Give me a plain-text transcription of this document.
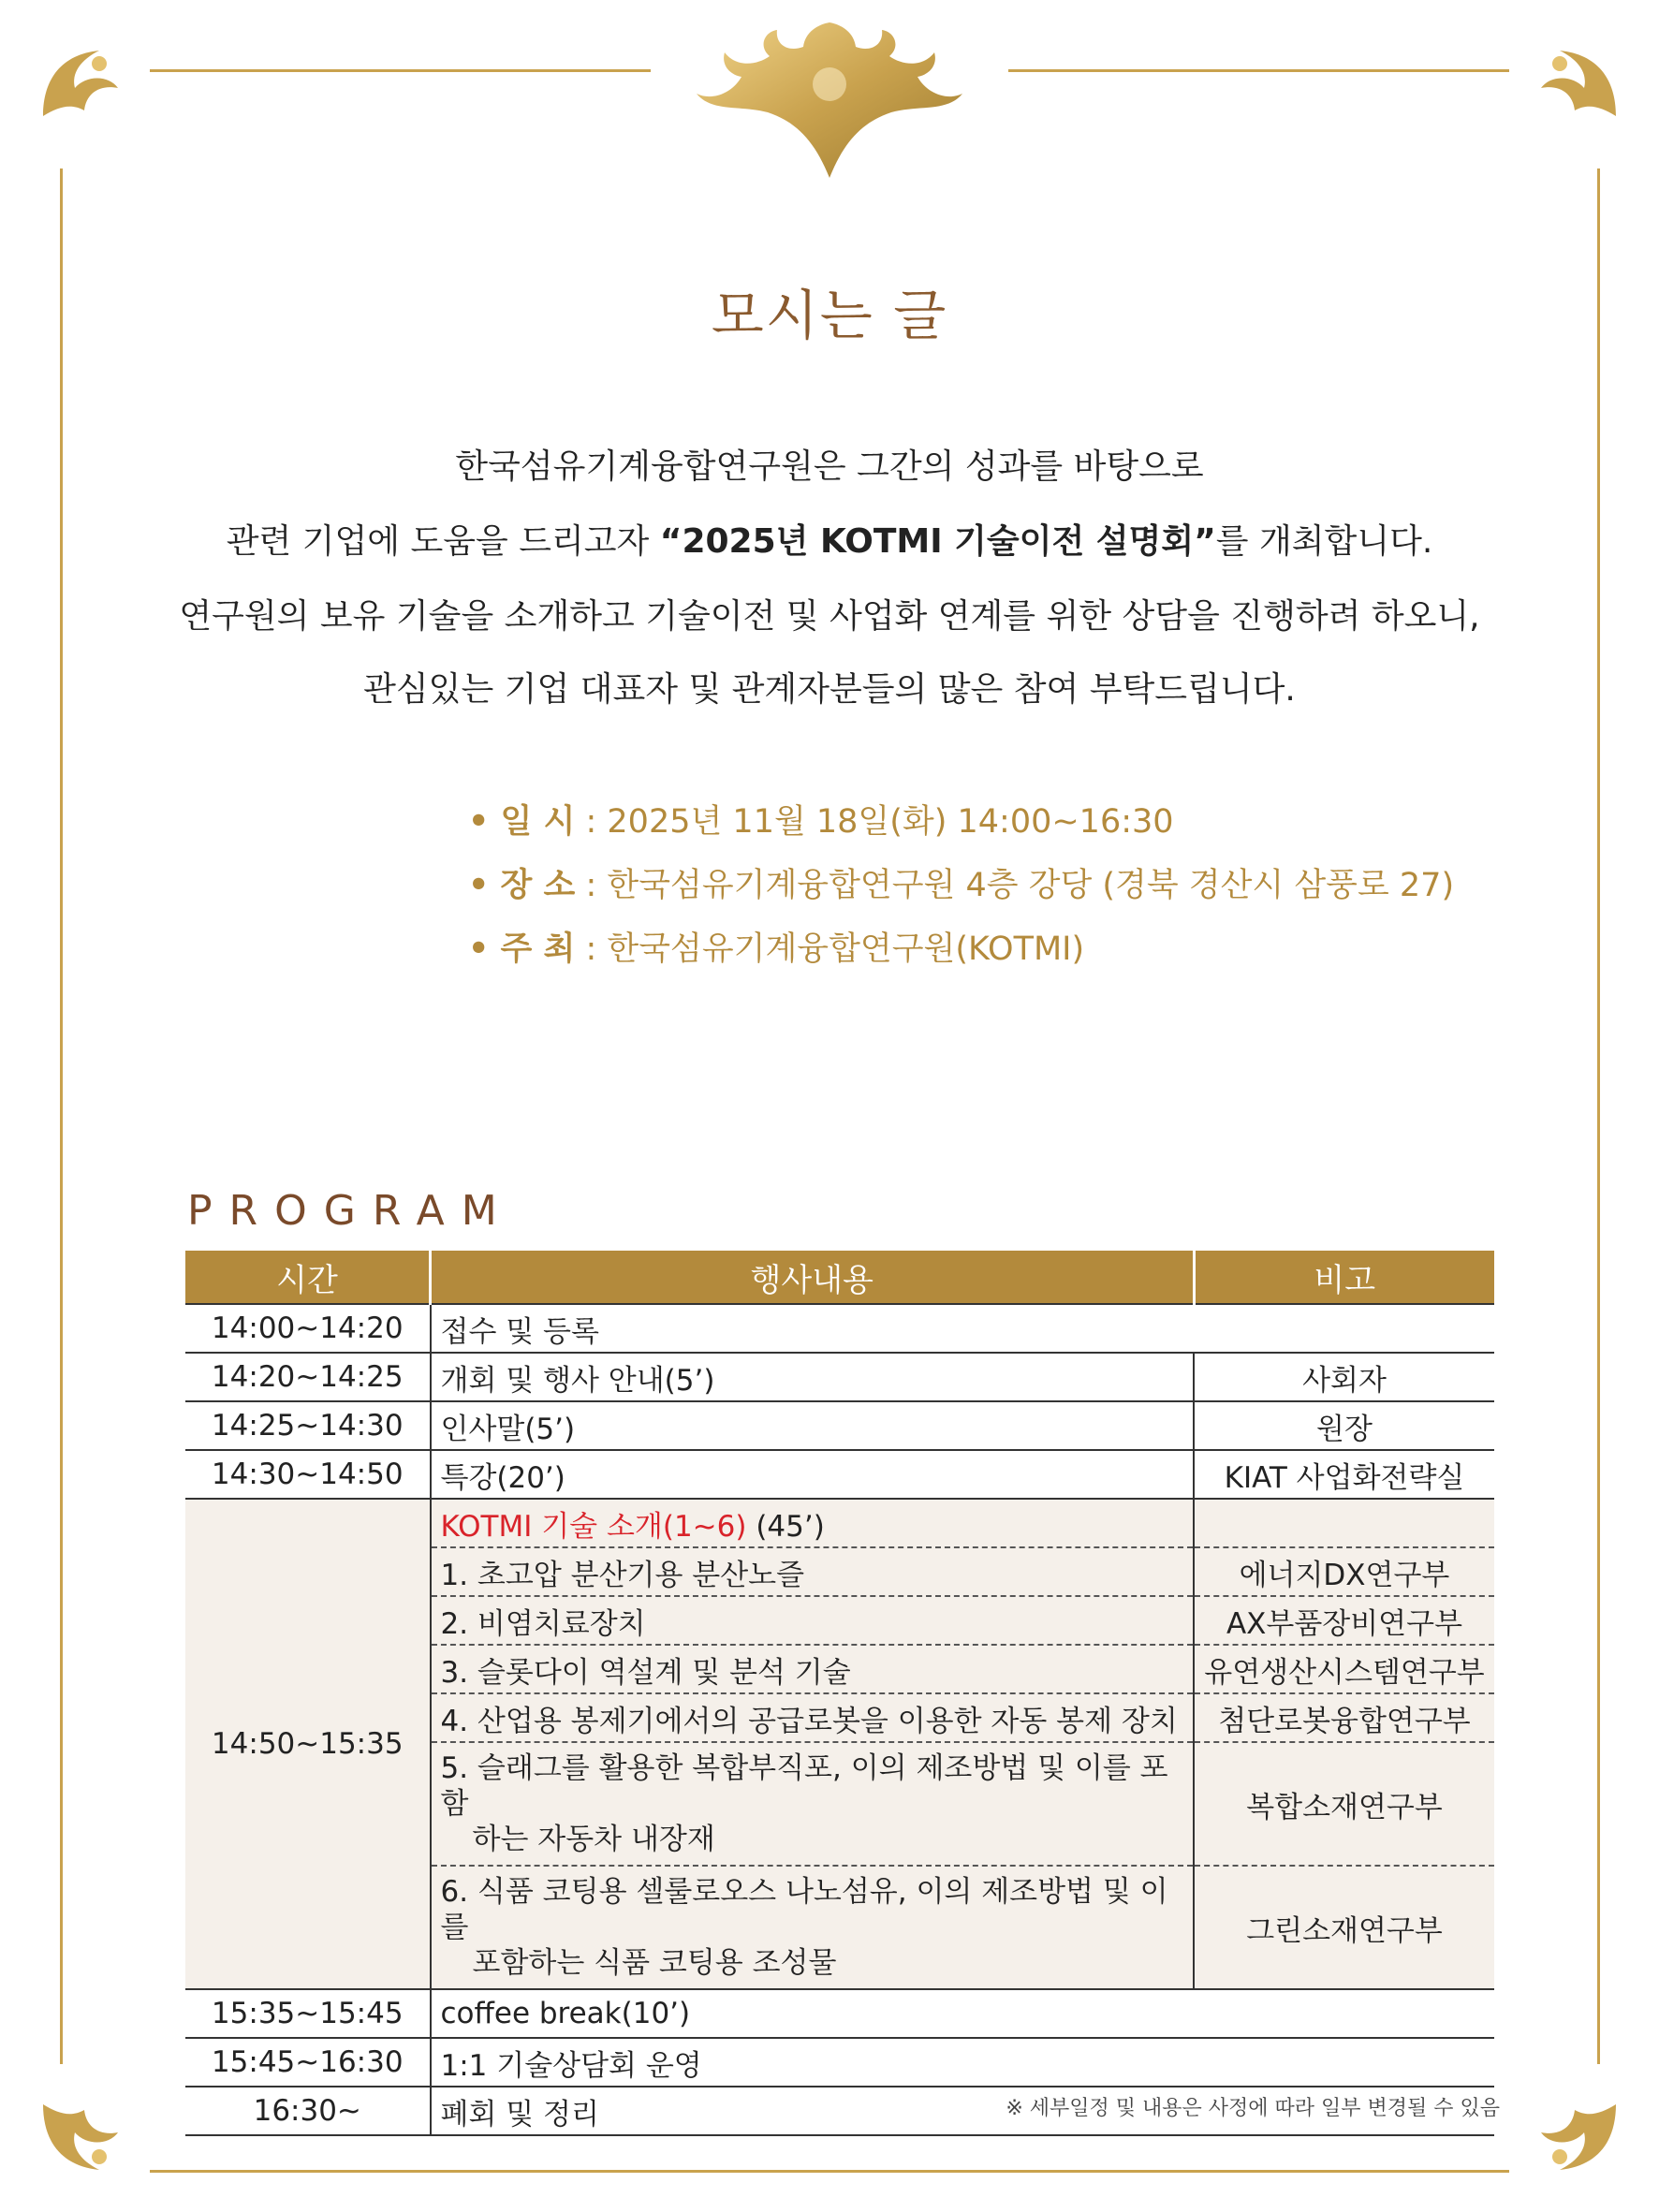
모시는 글
한국섬유기계융합연구원은 그간의 성과를 바탕으로
관련 기업에 도움을 드리고자 “2025년 KOTMI 기술이전 설명회”를 개최합니다.
연구원의 보유 기술을 소개하고 기술이전 및 사업화 연계를 위한 상담을 진행하려 하오니,
관심있는 기업 대표자 및 관계자분들의 많은 참여 부탁드립니다.
• 일 시 : 2025년 11월 18일(화) 14:00~16:30
• 장 소 : 한국섬유기계융합연구원 4층 강당 (경북 경산시 삼풍로 27)
• 주 최 : 한국섬유기계융합연구원(KOTMI)
PROGRAM
시간	행사내용	비고
14:00~14:20	접수 및 등록	
14:20~14:25	개회 및 행사 안내(5’)	사회자
14:25~14:30	인사말(5’)	원장
14:30~14:50	특강(20’)	KIAT 사업화전략실
14:50~15:35	KOTMI 기술 소개(1~6) (45’)	
	1. 초고압 분산기용 분산노즐	에너지DX연구부
	2. 비염치료장치	AX부품장비연구부
	3. 슬롯다이 역설계 및 분석 기술	유연생산시스템연구부
	4. 산업용 봉제기에서의 공급로봇을 이용한 자동 봉제 장치	첨단로봇융합연구부
	5. 슬래그를 활용한 복합부직포, 이의 제조방법 및 이를 포함
하는 자동차 내장재	복합소재연구부
	6. 식품 코팅용 셀룰로오스 나노섬유, 이의 제조방법 및 이를
포함하는 식품 코팅용 조성물	그린소재연구부
15:35~15:45	coffee break(10’)	
15:45~16:30	1:1 기술상담회 운영	
16:30~	폐회 및 정리		※ 세부일정 및 내용은 사정에 따라 일부 변경될 수 있음
